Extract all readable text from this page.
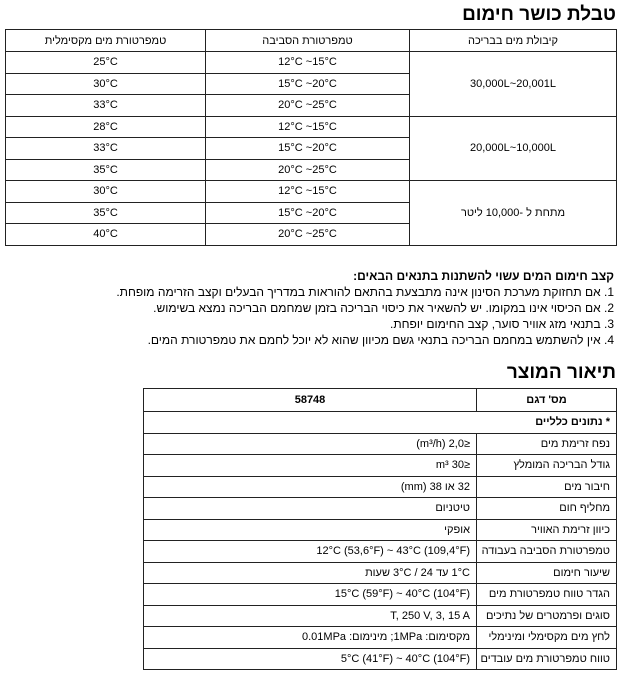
טבלת כושר חימום
קיבולת מים בבריכה	טמפרטורת הסביבה	טמפרטורת מים מקסימלית
30,000L~20,001L	12°C ~15°C	25°C
	15°C ~20°C	30°C
	20°C ~25°C	33°C
20,000L~10,000L	12°C ~15°C	28°C
	15°C ~20°C	33°C
	20°C ~25°C	35°C
מתחת ל -10,000 ליטר	12°C ~15°C	30°C
	15°C ~20°C	35°C
	20°C ~25°C	40°C
קצב חימום המים עשוי להשתנות בתנאים הבאים:
1. אם תחזוקת מערכת הסינון אינה מתבצעת בהתאם להוראות במדריך הבעלים וקצב הזרימה מופחת.
2. אם הכיסוי אינו במקומו. יש להשאיר את כיסוי הבריכה בזמן שמחמם הבריכה נמצא בשימוש.
3. בתנאי מזג אוויר סוער, קצב החימום יופחת.
4. אין להשתמש במחמם הבריכה בתנאי גשם מכיוון שהוא לא יוכל לחמם את טמפרטורת המים.
תיאור המוצר
מס' דגם	58748
* נתונים כלליים	
נפח זרימת מים	≤2,0 (m³/h)
גודל הבריכה המומלץ	≤30 m³
חיבור מים	32 או 38 (mm)
מחליף חום	טיטניום
כיוון זרימת האוויר	אופקי
טמפרטורת הסביבה בעבודה	12°C (53,6°F) ~ 43°C (109,4°F)
שיעור חימום	1°C עד 3°C / 24 שעות
הגדר טווח טמפרטורת מים	15°C (59°F) ~ 40°C (104°F)
סוגים ופרמטרים של נתיכים	T, 250 V, 3, 15 A
לחץ מים מקסימלי ומינימלי	מקסימום: 1MPa; מינימום: 0.01MPa
טווח טמפרטורת מים עובדים	5°C (41°F) ~ 40°C (104°F)
